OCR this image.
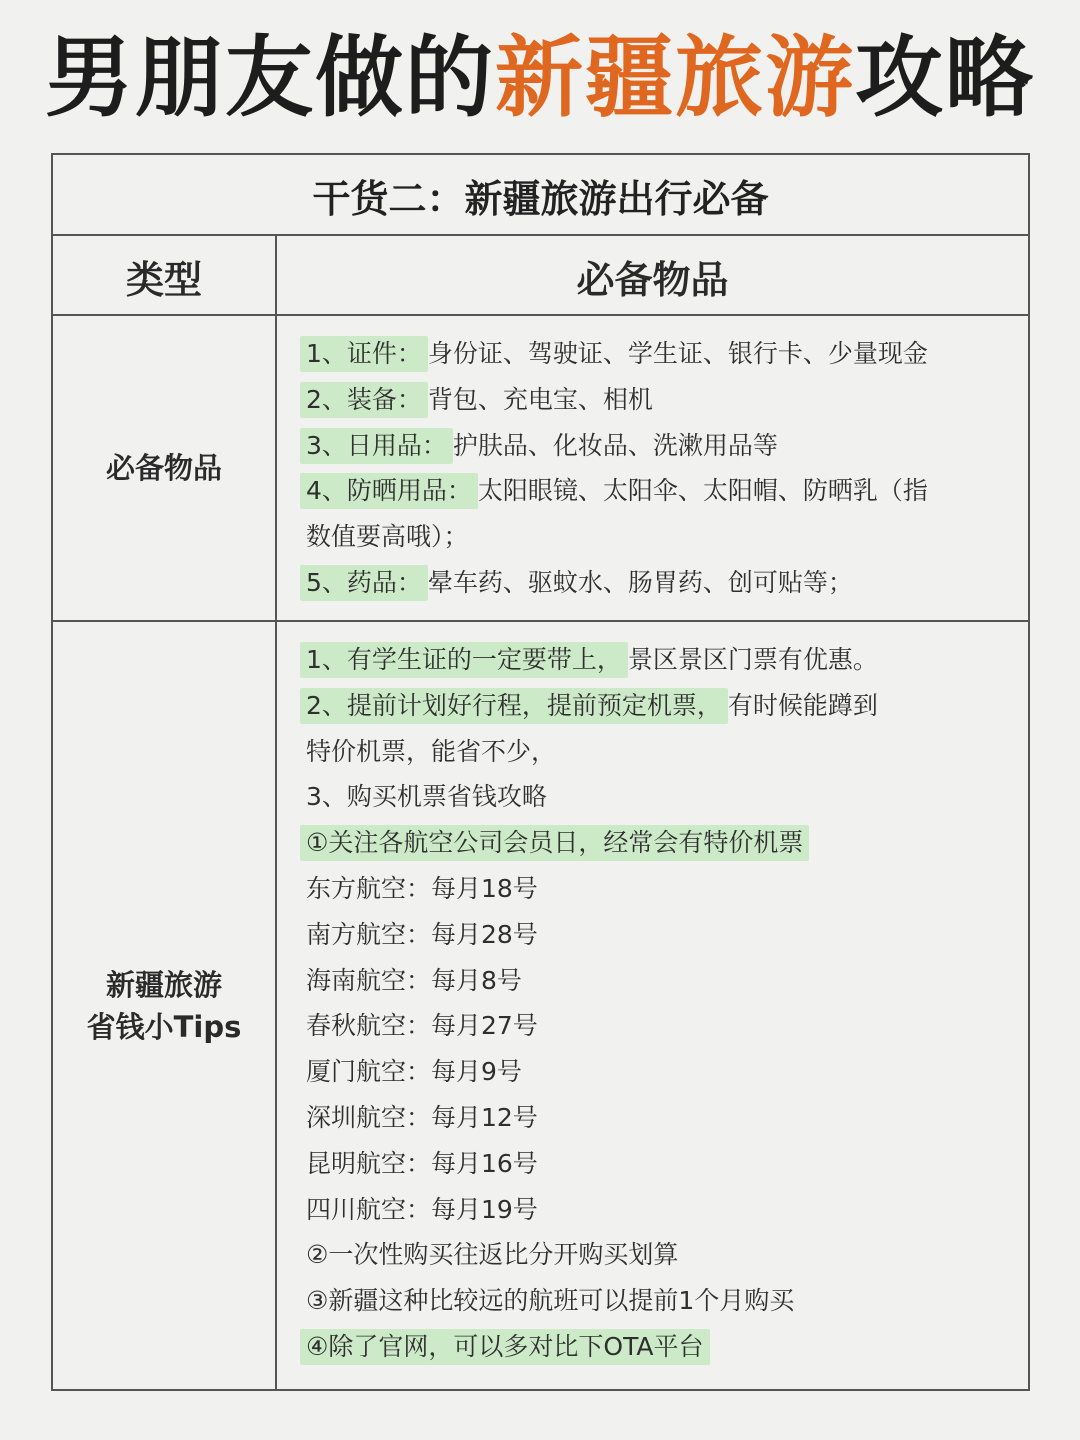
男朋友做的新疆旅游攻略
干货二：新疆旅游出行必备
类型	必备物品
必备物品
1、证件： 身份证、驾驶证、学生证、银行卡、少量现金
2、装备： 背包、充电宝、相机
3、日用品： 护肤品、化妆品、洗漱用品等
4、防晒用品： 太阳眼镜、太阳伞、太阳帽、防晒乳（指
数值要高哦）；
5、药品： 晕车药、驱蚊水、肠胃药、创可贴等；
新疆旅游
省钱小Tips
1、有学生证的一定要带上， 景区景区门票有优惠。
2、提前计划好行程，提前预定机票， 有时候能蹲到
特价机票，能省不少，
3、购买机票省钱攻略
①关注各航空公司会员日，经常会有特价机票
东方航空：每月18号
南方航空：每月28号
海南航空：每月8号
春秋航空：每月27号
厦门航空：每月9号
深圳航空：每月12号
昆明航空：每月16号
四川航空：每月19号
②一次性购买往返比分开购买划算
③新疆这种比较远的航班可以提前1个月购买
④除了官网，可以多对比下OTA平台
